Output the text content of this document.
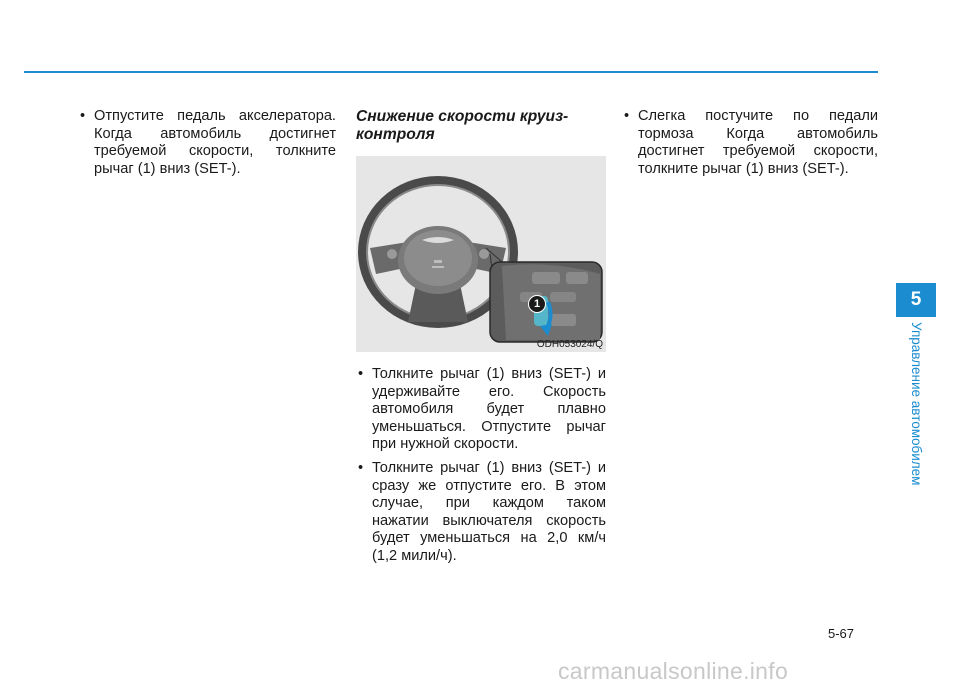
• Отпустите педаль акселератора. Когда автомобиль достигнет требуемой скорости, толкните рычаг (1) вниз (SET-).
Снижение скорости круиз-контроля
1
ODH053024/Q
• Толкните рычаг (1) вниз (SET-) и удерживайте его. Скорость автомобиля будет плавно уменьшаться. Отпустите рычаг при нужной скорости.
• Толкните рычаг (1) вниз (SET-) и сразу же отпустите его. В этом случае, при каждом таком нажатии выключателя скорость будет уменьшаться на 2,0 км/ч (1,2 мили/ч).
• Слегка постучите по педали тормоза Когда автомобиль достигнет требуемой скорости, толкните рычаг (1) вниз (SET-).
5
Управление автомобилем
5-67
carmanualsonline.info
